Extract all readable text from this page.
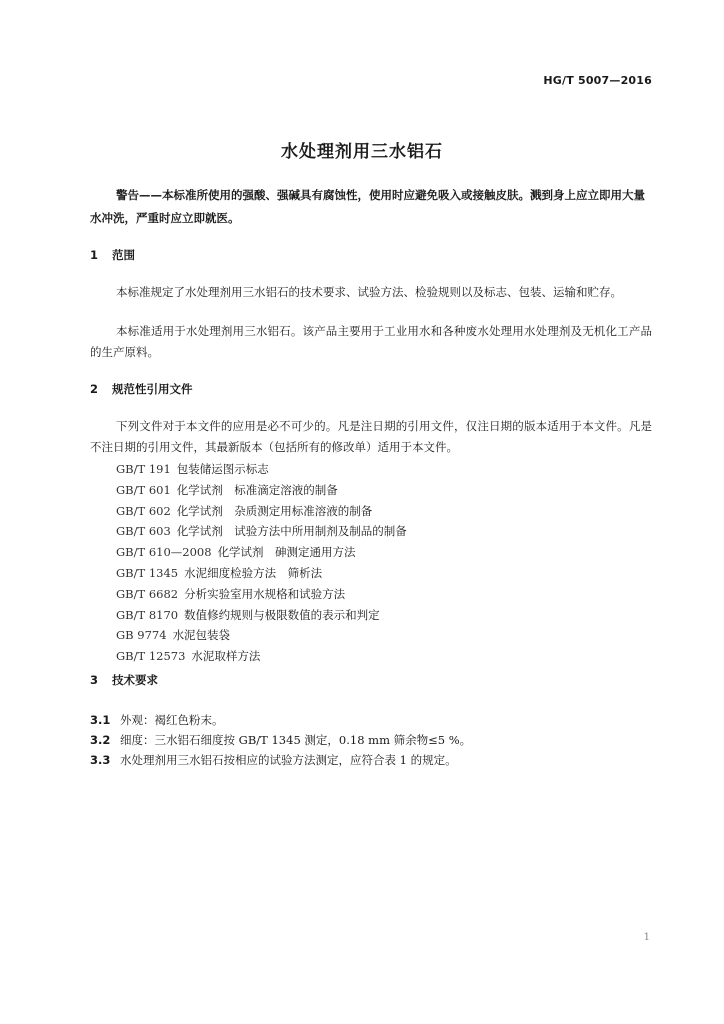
HG/T 5007—2016
水处理剂用三水铝石
警告——本标准所使用的强酸、强碱具有腐蚀性，使用时应避免吸入或接触皮肤。溅到身上应立即用大量水冲洗，严重时应立即就医。
1 范围
本标准规定了水处理剂用三水铝石的技术要求、试验方法、检验规则以及标志、包装、运输和贮存。
本标准适用于水处理剂用三水铝石。该产品主要用于工业用水和各种废水处理用水处理剂及无机化工产品的生产原料。
2 规范性引用文件
下列文件对于本文件的应用是必不可少的。凡是注日期的引用文件，仅注日期的版本适用于本文件。凡是不注日期的引用文件，其最新版本（包括所有的修改单）适用于本文件。
GB/T 191 包装储运图示标志
GB/T 601 化学试剂　标准滴定溶液的制备
GB/T 602 化学试剂　杂质测定用标准溶液的制备
GB/T 603 化学试剂　试验方法中所用制剂及制品的制备
GB/T 610—2008 化学试剂　砷测定通用方法
GB/T 1345 水泥细度检验方法　筛析法
GB/T 6682 分析实验室用水规格和试验方法
GB/T 8170 数值修约规则与极限数值的表示和判定
GB 9774 水泥包装袋
GB/T 12573 水泥取样方法
3 技术要求
3.1 外观：褐红色粉末。
3.2 细度：三水铝石细度按 GB/T 1345 测定，0.18 mm 筛余物≤5 %。
3.3 水处理剂用三水铝石按相应的试验方法测定，应符合表 1 的规定。
1
